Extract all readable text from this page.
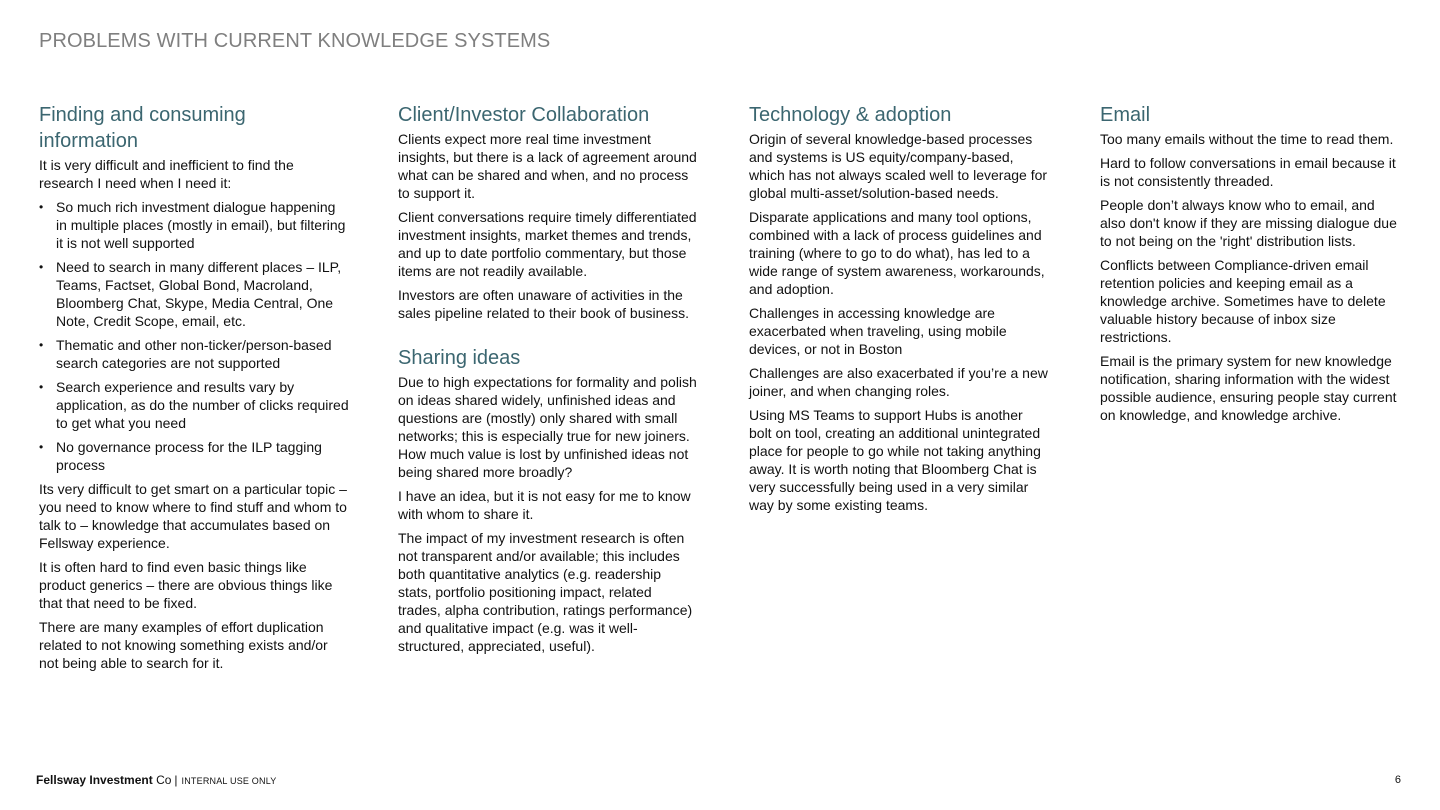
PROBLEMS WITH CURRENT KNOWLEDGE SYSTEMS
Finding and consuming information

It is very difficult and inefficient to find the research I need when I need it:

• So much rich investment dialogue happening in multiple places (mostly in email), but filtering it is not well supported
• Need to search in many different places – ILP, Teams, Factset, Global Bond, Macroland, Bloomberg Chat, Skype, Media Central, One Note, Credit Scope, email, etc.
• Thematic and other non-ticker/person-based search categories are not supported
• Search experience and results vary by application, as do the number of clicks required to get what you need
• No governance process for the ILP tagging process

Its very difficult to get smart on a particular topic – you need to know where to find stuff and whom to talk to – knowledge that accumulates based on Fellsway experience.

It is often hard to find even basic things like product generics – there are obvious things like that that need to be fixed.

There are many examples of effort duplication related to not knowing something exists and/or not being able to search for it.

Client/Investor Collaboration

Clients expect more real time investment insights, but there is a lack of agreement around what can be shared and when, and no process to support it.

Client conversations require timely differentiated investment insights, market themes and trends, and up to date portfolio commentary, but those items are not readily available.

Investors are often unaware of activities in the sales pipeline related to their book of business.

Sharing ideas

Due to high expectations for formality and polish on ideas shared widely, unfinished ideas and questions are (mostly) only shared with small networks; this is especially true for new joiners. How much value is lost by unfinished ideas not being shared more broadly?

I have an idea, but it is not easy for me to know with whom to share it.

The impact of my investment research is often not transparent and/or available; this includes both quantitative analytics (e.g. readership stats, portfolio positioning impact, related trades, alpha contribution, ratings performance) and qualitative impact (e.g. was it well-structured, appreciated, useful).

Technology & adoption

Origin of several knowledge-based processes and systems is US equity/company-based, which has not always scaled well to leverage for global multi-asset/solution-based needs.

Disparate applications and many tool options, combined with a lack of process guidelines and training (where to go to do what), has led to a wide range of system awareness, workarounds, and adoption.

Challenges in accessing knowledge are exacerbated when traveling, using mobile devices, or not in Boston

Challenges are also exacerbated if you’re a new joiner, and when changing roles.

Using MS Teams to support Hubs is another bolt on tool, creating an additional unintegrated place for people to go while not taking anything away. It is worth noting that Bloomberg Chat is very successfully being used in a very similar way by some existing teams.

Email

Too many emails without the time to read them.

Hard to follow conversations in email because it is not consistently threaded.

People don’t always know who to email, and also don't know if they are missing dialogue due to not being on the 'right' distribution lists.

Conflicts between Compliance-driven email retention policies and keeping email as a knowledge archive. Sometimes have to delete valuable history because of inbox size restrictions.

Email is the primary system for new knowledge notification, sharing information with the widest possible audience, ensuring people stay current on knowledge, and knowledge archive.

Fellsway Investment Co | INTERNAL USE ONLY	6
